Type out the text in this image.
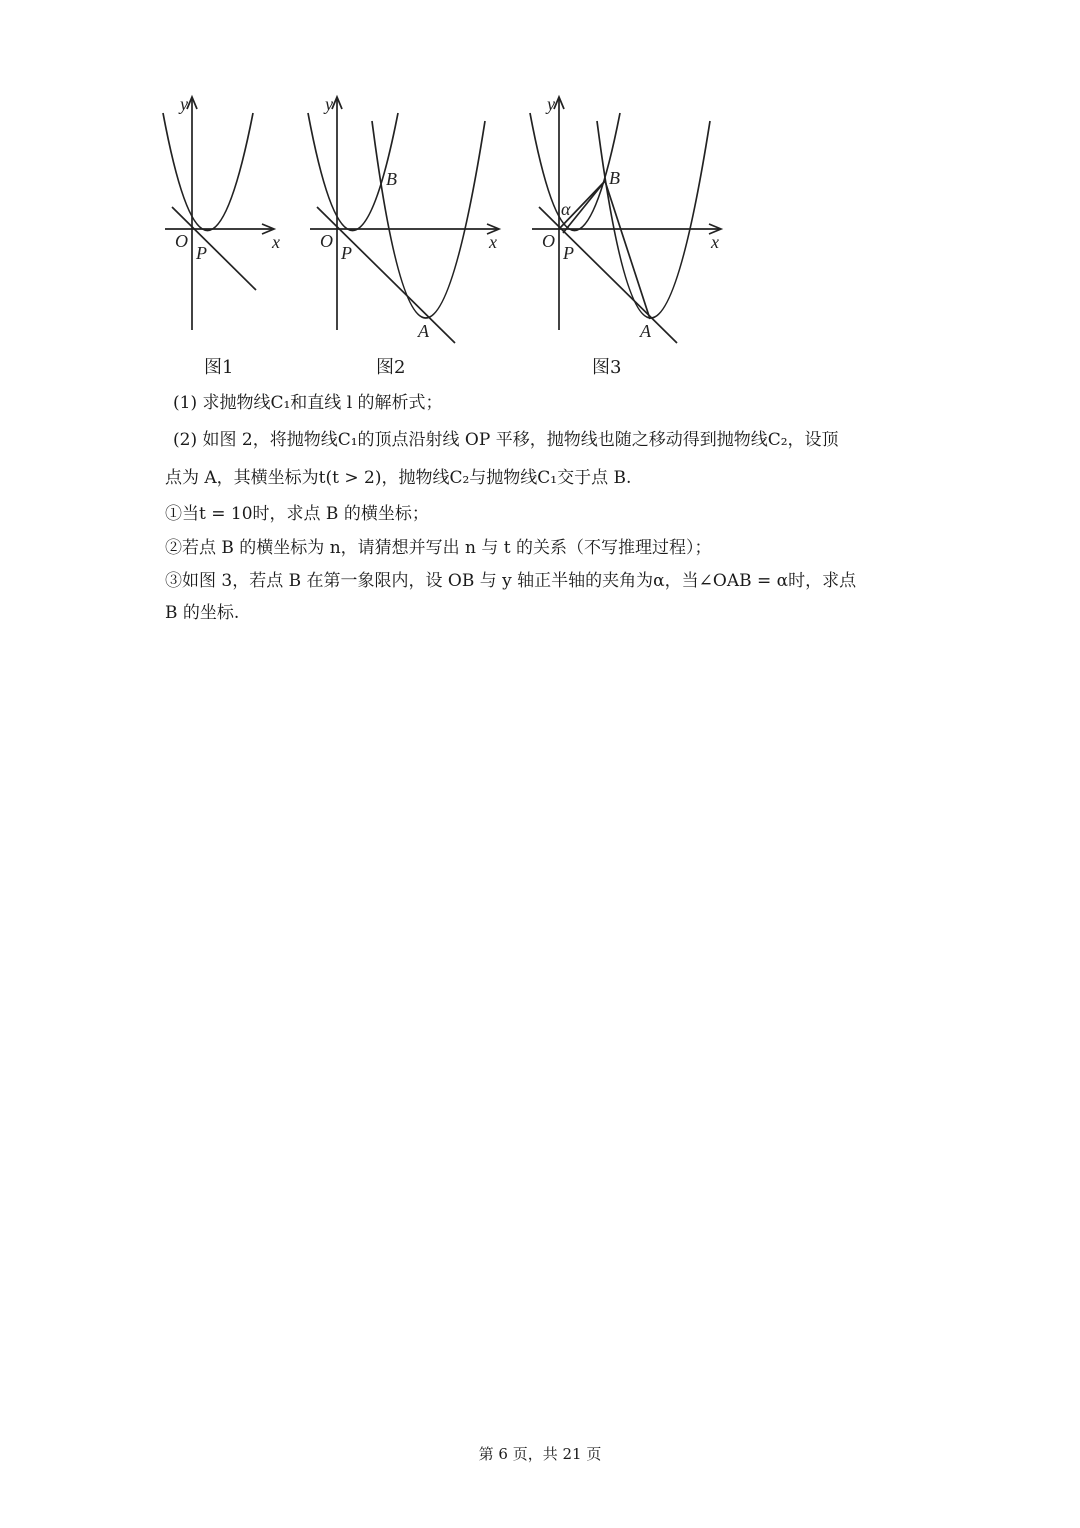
y
x
O
P
y
x
O
P
B
A
y
x
O
P
α
B
A
图1	图2	图3
(1) 求抛物线C₁和直线 l 的解析式；
(2) 如图 2，将抛物线C₁的顶点沿射线 OP 平移，抛物线也随之移动得到抛物线C₂，设顶
点为 A，其横坐标为t(t > 2)，抛物线C₂与抛物线C₁交于点 B.
①当t = 10时，求点 B 的横坐标；
②若点 B 的横坐标为 n，请猜想并写出 n 与 t 的关系（不写推理过程）；
③如图 3，若点 B 在第一象限内，设 OB 与 y 轴正半轴的夹角为α，当∠OAB = α时，求点
B 的坐标.
第 6 页，共 21 页
